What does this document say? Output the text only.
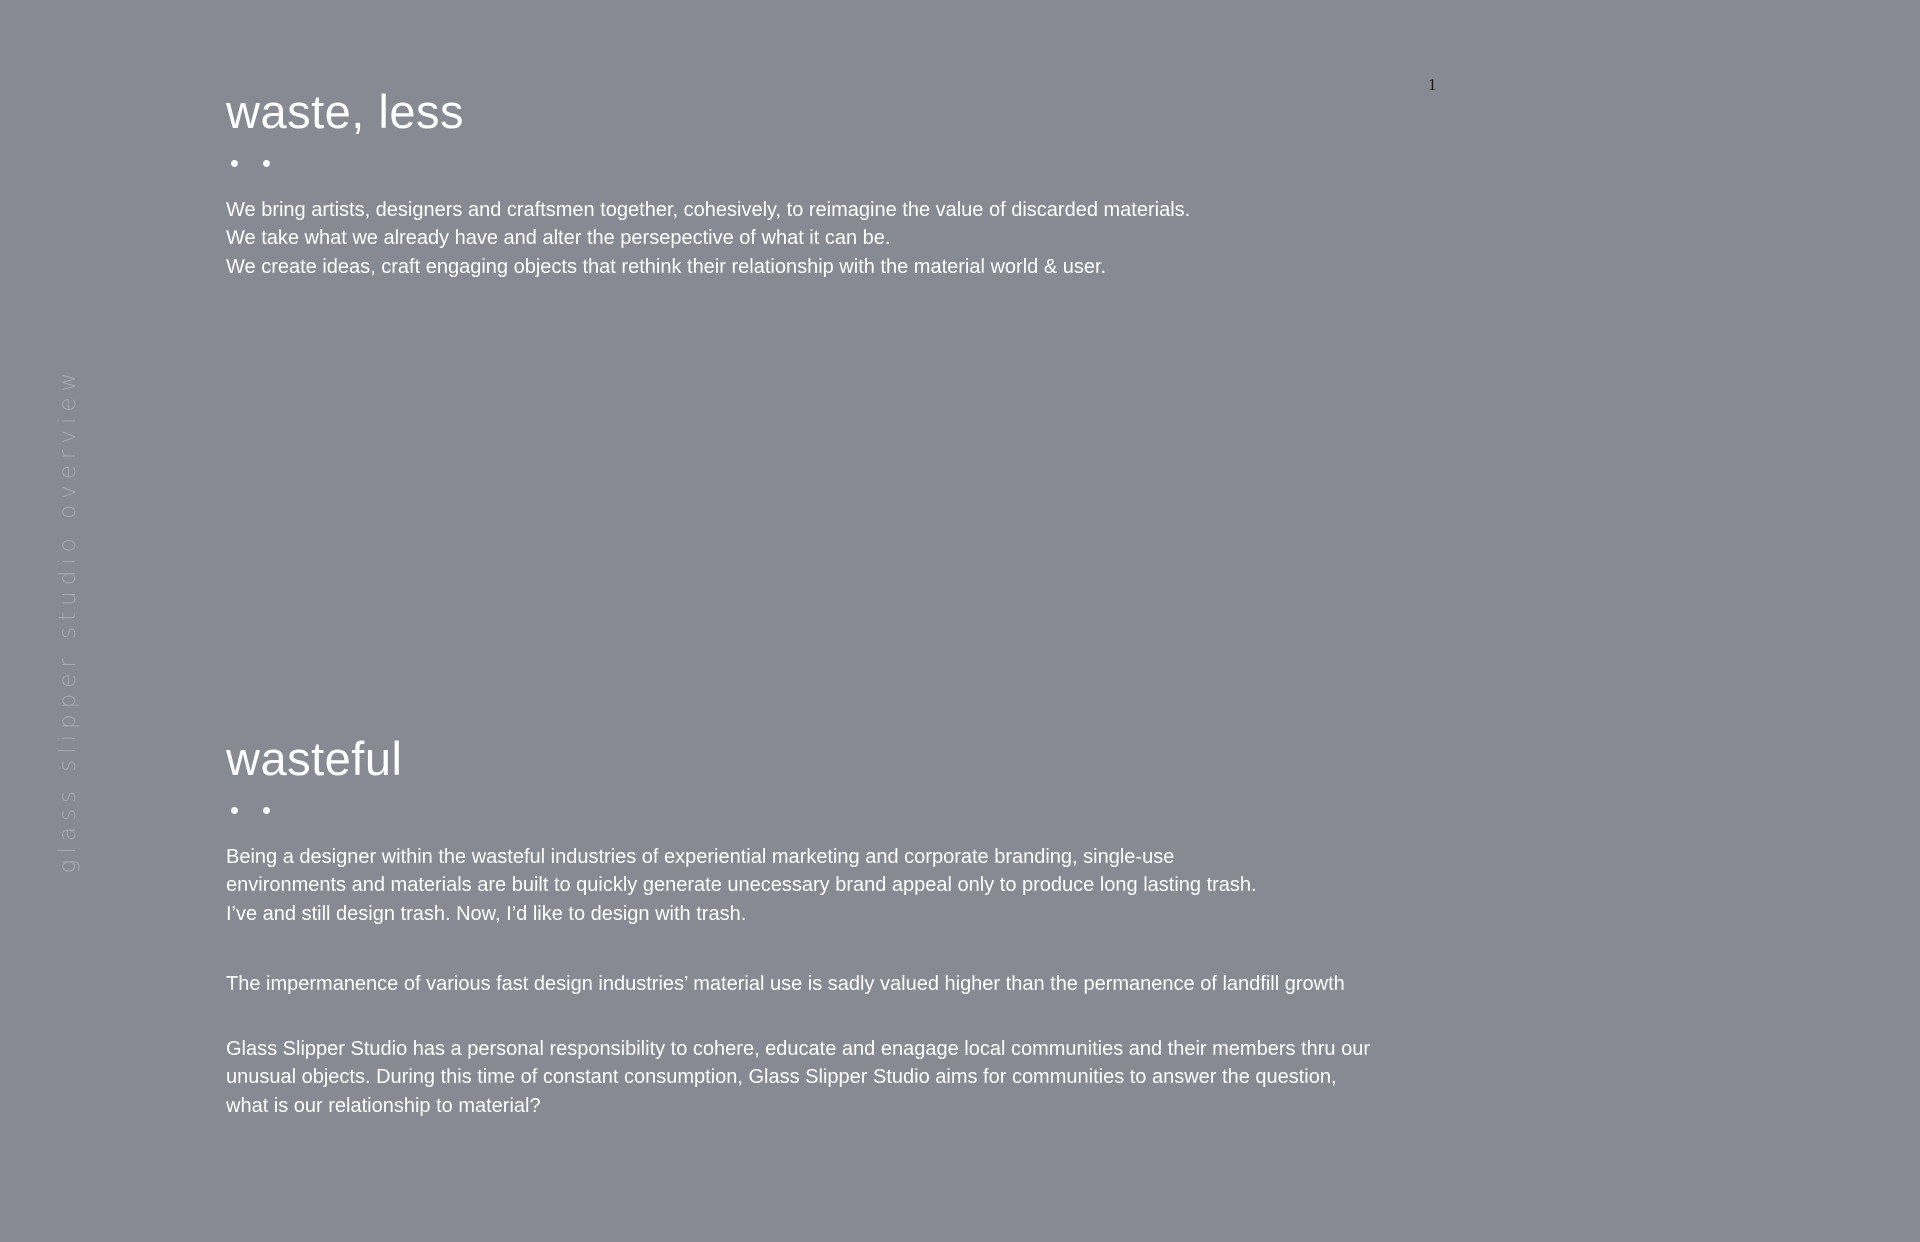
glass slipper studio overview
1
waste, less

We bring artists, designers and craftsmen together, cohesively, to reimagine the value of discarded materials.

We take what we already have and alter the persepective of what it can be.

We create ideas, craft engaging objects that rethink their relationship with the material world & user.

wasteful

Being a designer within the wasteful industries of experiential marketing and corporate branding, single-use

environments and materials are built to quickly generate unecessary brand appeal only to produce long lasting trash.

I’ve and still design trash. Now, I’d like to design with trash.

The impermanence of various fast design industries’ material use is sadly valued higher than the permanence of landfill growth

Glass Slipper Studio has a personal responsibility to cohere, educate and enagage local communities and their members thru our

unusual objects. During this time of constant consumption, Glass Slipper Studio aims for communities to answer the question,

what is our relationship to material?
